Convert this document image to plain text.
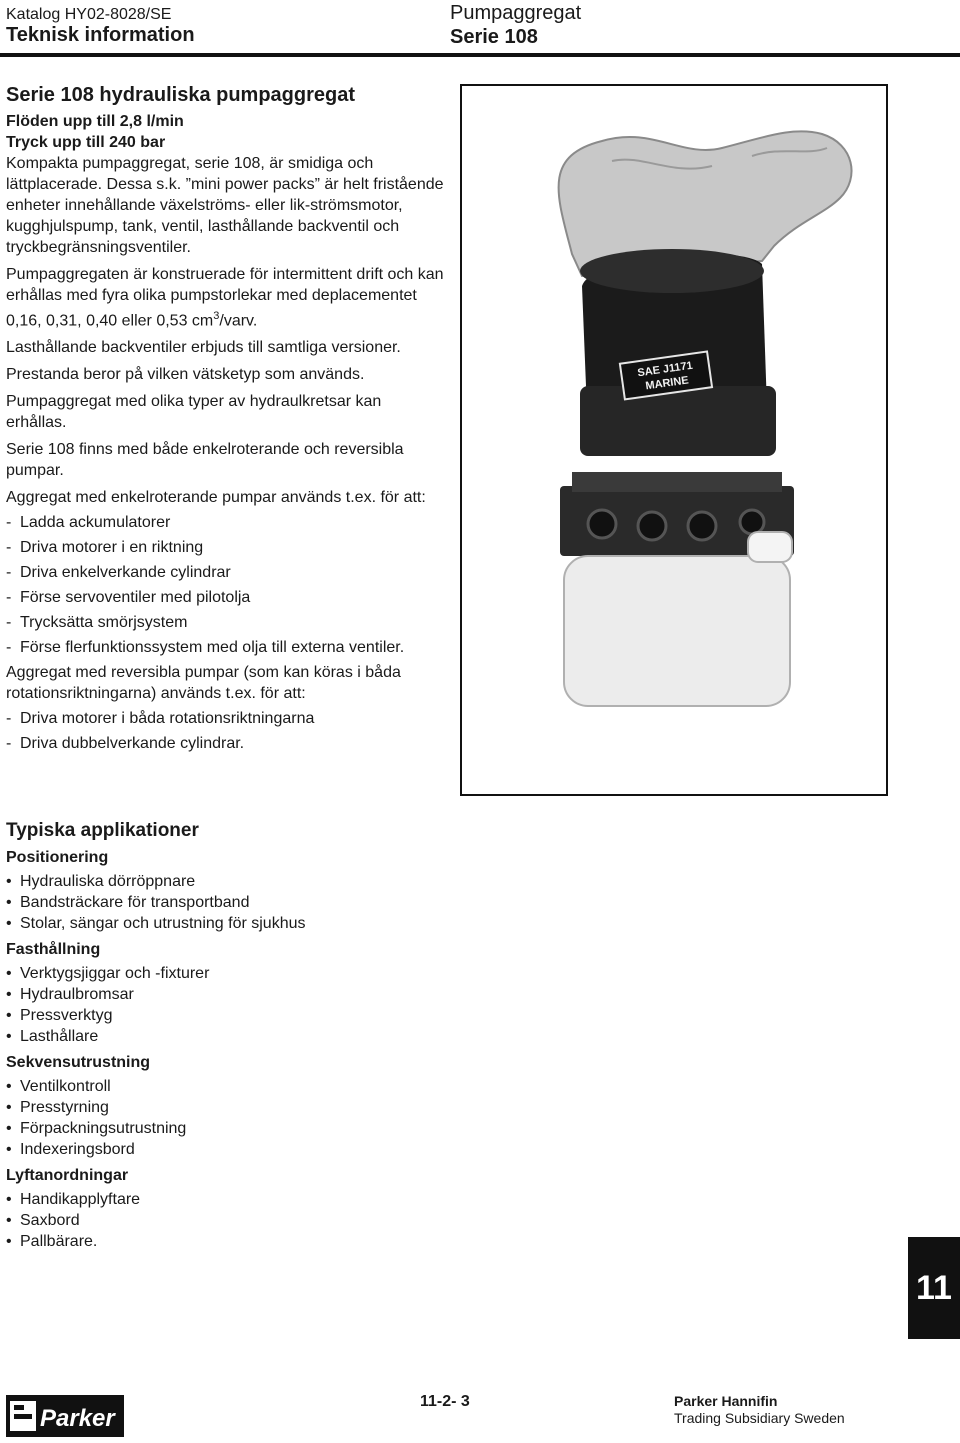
Katalog HY02-8028/SE
Teknisk information
Pumpaggregat
Serie 108
Serie 108 hydrauliska pumpaggregat
Flöden upp till 2,8 l/min
Tryck upp till 240 bar

Kompakta pumpaggregat, serie 108, är smidiga och lättplacerade. Dessa s.k. ”mini power packs” är helt fristående enheter innehållande växelströms- eller lik-strömsmotor, kugghjulspump, tank, ventil, lasthållande backventil och tryckbegränsningsventiler.

Pumpaggregaten är konstruerade för intermittent drift och kan erhållas med fyra olika pumpstorlekar med deplacementet 0,16, 0,31, 0,40 eller 0,53 $cm^3$/varv.

Lasthållande backventiler erbjuds till samtliga versioner.

Prestanda beror på vilken vätsketyp som används.

Pumpaggregat med olika typer av hydraulkretsar kan erhållas.

Serie 108 finns med både enkelroterande och reversibla pumpar.

Aggregat med enkelroterande pumpar används t.ex. för att:

- Ladda ackumulatorer
- Driva motorer i en riktning
- Driva enkelverkande cylindrar
- Förse servoventiler med pilotolja
- Trycksätta smörjsystem
- Förse flerfunktionssystem med olja till externa ventiler.

Aggregat med reversibla pumpar (som kan köras i båda rotationsriktningarna) används t.ex. för att:

- Driva motorer i båda rotationsriktningarna
- Driva dubbelverkande cylindrar.
SAE J1171
MARINE
Typiska applikationer
Positionering
• Hydrauliska dörröppnare
• Bandsträckare för transportband
• Stolar, sängar och utrustning för sjukhus
Fasthållning
• Verktygsjiggar och -fixturer
• Hydraulbromsar
• Pressverktyg
• Lasthållare
Sekvensutrustning
• Ventilkontroll
• Presstyrning
• Förpackningsutrustning
• Indexeringsbord
Lyftanordningar
• Handikapplyftare
• Saxbord
• Pallbärare.
11
Parker
11-2- 3	Parker Hannifin
Trading Subsidiary Sweden
